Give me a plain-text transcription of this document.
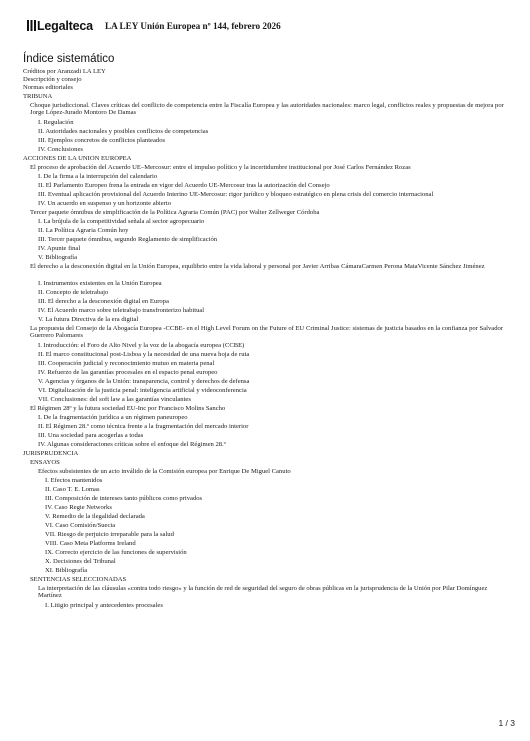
Legalteca LA LEY Unión Europea nº 144, febrero 2026
Índice sistemático
Créditos por Aranzadi LA LEY
Descripción y consejo
Normas editoriales
TRIBUNA
Choque jurisdiccional. Claves críticas del conflicto de competencia entre la Fiscalía Europea y las autoridades nacionales: marco legal, conflictos reales y propuestas de mejora por Jorge López-Jurado Montoro De Damas
I. Regulación
II. Autoridades nacionales y posibles conflictos de competencias
III. Ejemplos concretos de conflictos planteados
IV. Conclusiones
ACCIONES DE LA UNION EUROPEA
El proceso de aprobación del Acuerdo UE–Mercosur: entre el impulso político y la incertidumbre institucional por José Carlos Fernández Rozas
I. De la firma a la interrupción del calendario
II. El Parlamento Europeo frena la entrada en vigor del Acuerdo UE-Mercosur tras la autorización del Consejo
III. Eventual aplicación provisional del Acuerdo Interino UE-Mercosur: rigor jurídico y bloqueo estratégico en plena crisis del comercio internacional
IV. Un acuerdo en suspenso y un horizonte abierto
Tercer paquete ómnibus de simplificación de la Política Agraria Común (PAC) por Walter Zellweger Córdoba
I. La brújula de la competitividad señala al sector agropecuario
II. La Política Agraria Común hoy
III. Tercer paquete ómnibus, segundo Reglamento de simplificación
IV. Apunte final
V. Bibliografía
El derecho a la desconexión digital en la Unión Europea, equilibrio entre la vida laboral y personal por Javier Arribas CámaraCarmen Perona MataVicente Sánchez Jiménez
I. Instrumentos existentes en la Unión Europea
II. Concepto de teletrabajo
III. El derecho a la desconexión digital en Europa
IV. El Acuerdo marco sobre teletrabajo transfronterizo habitual
V. La futura Directiva de la era digital
La propuesta del Consejo de la Abogacía Europea -CCBE- en el High Level Forum on the Future of EU Criminal Justice: sistemas de justicia basados en la confianza por Salvador Guerrero Palomares
I. Introducción: el Foro de Alto Nivel y la voz de la abogacía europea (CCBE)
II. El marco constitucional post-Lisboa y la necesidad de una nueva hoja de ruta
III. Cooperación judicial y reconocimiento mutuo en materia penal
IV. Refuerzo de las garantías procesales en el espacio penal europeo
V. Agencias y órganos de la Unión: transparencia, control y derechos de defensa
VI. Digitalización de la justicia penal: inteligencia artificial y videoconferencia
VII. Conclusiones: del soft law a las garantías vinculantes
El Régimen 28º y la futura sociedad EU-Inc por Francisco Molins Sancho
I. De la fragmentación jurídica a un régimen paneuropeo
II. El Régimen 28.º como técnica frente a la fragmentación del mercado interior
III. Una sociedad para acogerlas a todas
IV. Algunas consideraciones críticas sobre el enfoque del Régimen 28.º
JURISPRUDENCIA
ENSAYOS
Efectos subsistentes de un acto inválido de la Comisión europea por Enrique De Miguel Canuto
I. Efectos mantenidos
II. Caso T. E. Lomas
III. Composición de intereses tanto públicos como privados
IV. Caso Regie Networks
V. Remedio de la ilegalidad declarada
VI. Caso Comisión/Suecia
VII. Riesgo de perjuicio irreparable para la salud
VIII. Caso Meta Platforms Ireland
IX. Correcto ejercicio de las funciones de supervisión
X. Decisiones del Tribunal
XI. Bibliografía
SENTENCIAS SELECCIONADAS
La interpretación de las cláusulas «contra todo riesgo» y la función de red de seguridad del seguro de obras públicas en la jurisprudencia de la Unión por Pilar Domínguez Martínez
I. Litigio principal y antecedentes procesales
1 / 3
